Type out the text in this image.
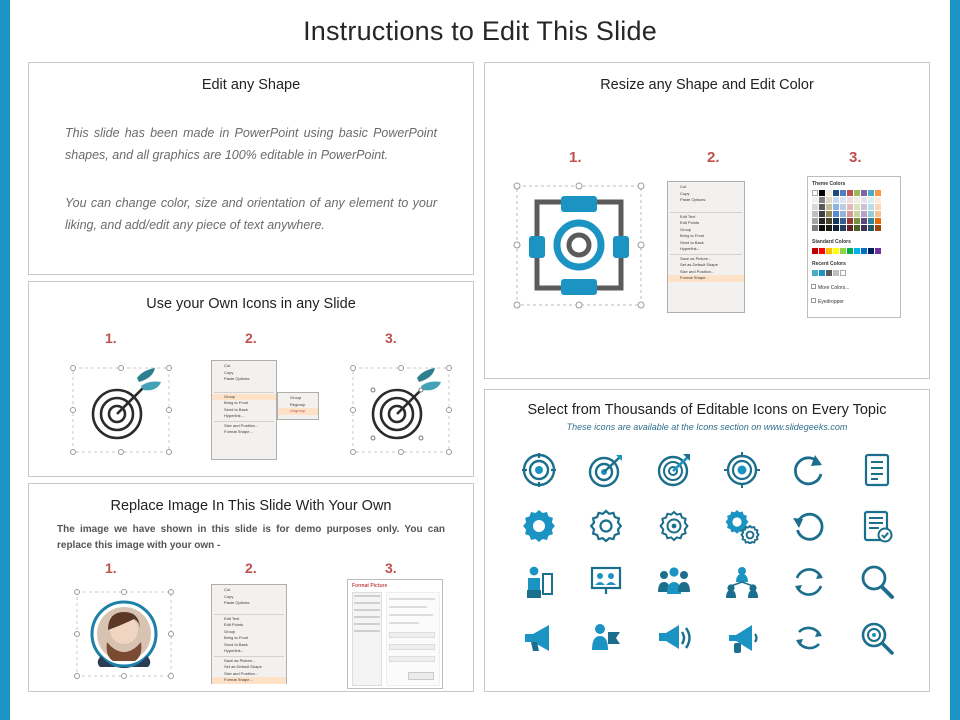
Instructions to Edit This Slide
Edit any Shape
This slide has been made in PowerPoint using basic PowerPoint shapes, and all graphics are 100% editable in PowerPoint.
You can change color, size and orientation of any element to your liking, and add/edit any piece of text anywhere.
Resize any Shape and Edit Color
1.	2.	3.
Cut
Copy
Paste Options:
Edit Text
Edit Points
Group
Bring to Front
Send to Back
Hyperlink...
Save as Picture...
Set as Default Shape
Size and Position...
Format Shape...
Theme Colors
Standard Colors
Recent Colors
More Colors...
Eyedropper
Use your Own Icons in any Slide
1.	2.	3.
Cut
Copy
Paste Options:
Group
Bring to Front
Send to Back
Hyperlink...
Size and Position...
Format Shape...
Group
Regroup
Ungroup
Replace Image In This Slide With Your Own
The image we have shown in this slide is for demo purposes only. You can replace this image with your own -
1.	2.	3.
Cut
Copy
Paste Options:
Edit Text
Edit Points
Group
Bring to Front
Send to Back
Hyperlink...
Save as Picture...
Set as Default Shape
Size and Position...
Format Shape...
Format Picture
Select from Thousands of Editable Icons on Every Topic
These icons are available at the Icons section on www.slidegeeks.com
